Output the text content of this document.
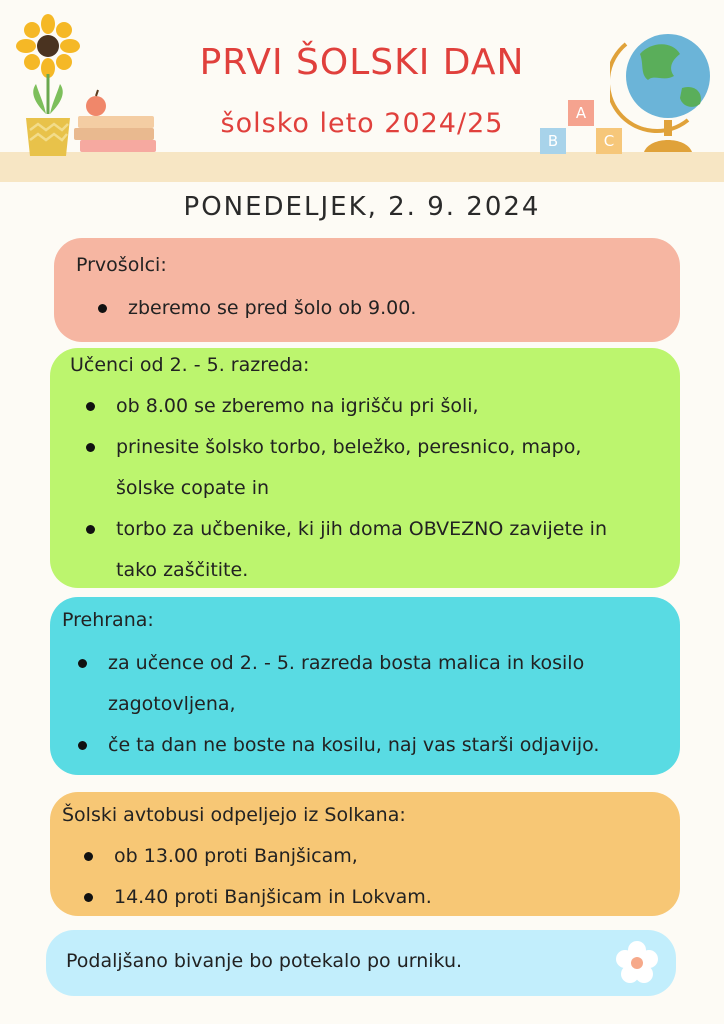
A
B	C
PRVI ŠOLSKI DAN
šolsko leto 2024/25
PONEDELJEK, 2. 9. 2024
Prvošolci:
zberemo se pred šolo ob 9.00.
Učenci od 2. - 5. razreda:
ob 8.00 se zberemo na igrišču pri šoli,
prinesite šolsko torbo, beležko, peresnico, mapo,
šolske copate in
torbo za učbenike, ki jih doma OBVEZNO zavijete in
tako zaščitite.
Prehrana:
za učence od 2. - 5. razreda bosta malica in kosilo
zagotovljena,
če ta dan ne boste na kosilu, naj vas starši odjavijo.
Šolski avtobusi odpeljejo iz Solkana:
ob 13.00 proti Banjšicam,
14.40 proti Banjšicam in Lokvam.
Podaljšano bivanje bo potekalo po urniku.
